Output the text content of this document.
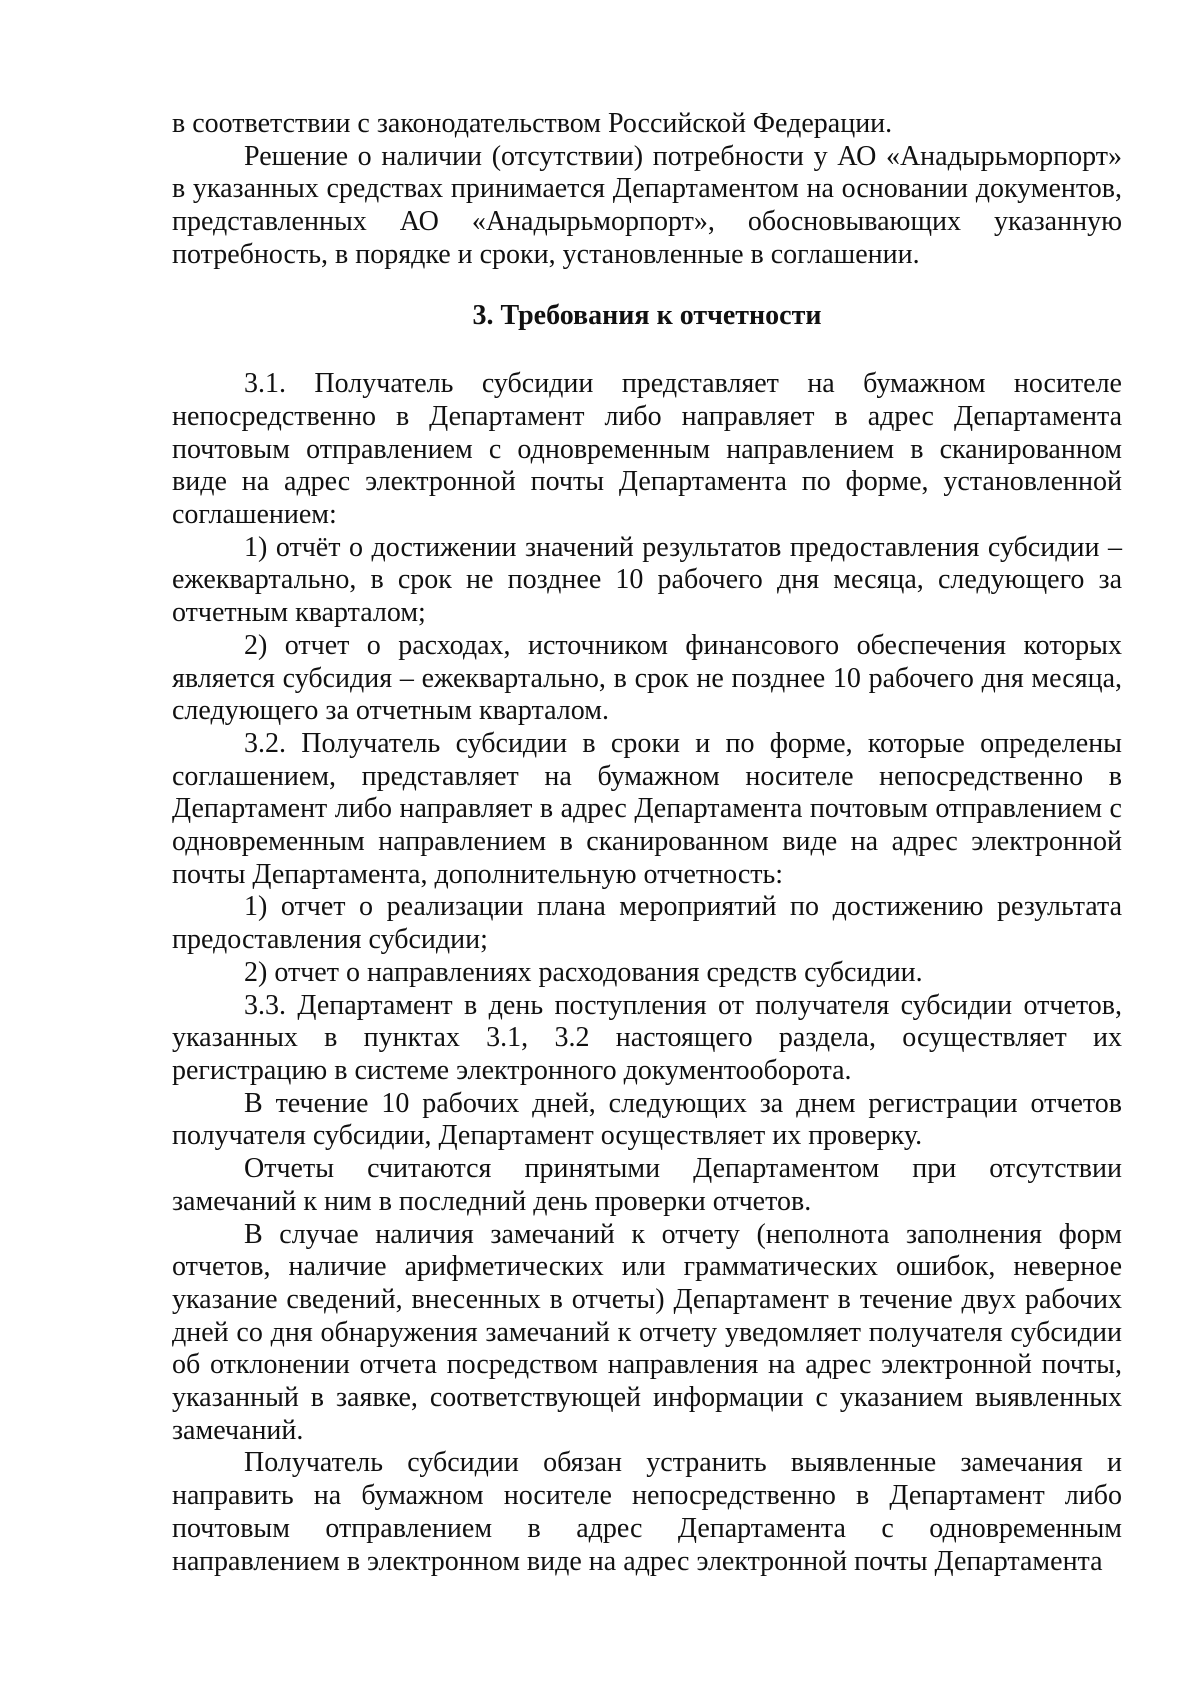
в соответствии с законодательством Российской Федерации.

Решение о наличии (отсутствии) потребности у АО «Анадырьморпорт» в указанных средствах принимается Департаментом на основании документов, представленных АО «Анадырьморпорт», обосновывающих указанную потребность, в порядке и сроки, установленные в соглашении.

3. Требования к отчетности

3.1. Получатель субсидии представляет на бумажном носителе непосредственно в Департамент либо направляет в адрес Департамента почтовым отправлением с одновременным направлением в сканированном виде на адрес электронной почты Департамента по форме, установленной соглашением:

1) отчёт о достижении значений результатов предоставления субсидии – ежеквартально, в срок не позднее 10 рабочего дня месяца, следующего за отчетным кварталом;

2) отчет о расходах, источником финансового обеспечения которых является субсидия – ежеквартально, в срок не позднее 10 рабочего дня месяца, следующего за отчетным кварталом.

3.2. Получатель субсидии в сроки и по форме, которые определены соглашением, представляет на бумажном носителе непосредственно в Департамент либо направляет в адрес Департамента почтовым отправлением с одновременным направлением в сканированном виде на адрес электронной почты Департамента, дополнительную отчетность:

1) отчет о реализации плана мероприятий по достижению результата предоставления субсидии;

2) отчет о направлениях расходования средств субсидии.

3.3. Департамент в день поступления от получателя субсидии отчетов, указанных в пунктах 3.1, 3.2 настоящего раздела, осуществляет их регистрацию в системе электронного документооборота.

В течение 10 рабочих дней, следующих за днем регистрации отчетов получателя субсидии, Департамент осуществляет их проверку.

Отчеты считаются принятыми Департаментом при отсутствии замечаний к ним в последний день проверки отчетов.

В случае наличия замечаний к отчету (неполнота заполнения форм отчетов, наличие арифметических или грамматических ошибок, неверное указание сведений, внесенных в отчеты) Департамент в течение двух рабочих дней со дня обнаружения замечаний к отчету уведомляет получателя субсидии об отклонении отчета посредством направления на адрес электронной почты, указанный в заявке, соответствующей информации с указанием выявленных замечаний.

Получатель субсидии обязан устранить выявленные замечания и направить на бумажном носителе непосредственно в Департамент либо почтовым отправлением в адрес Департамента с одновременным направлением в электронном виде на адрес электронной почты Департамента
